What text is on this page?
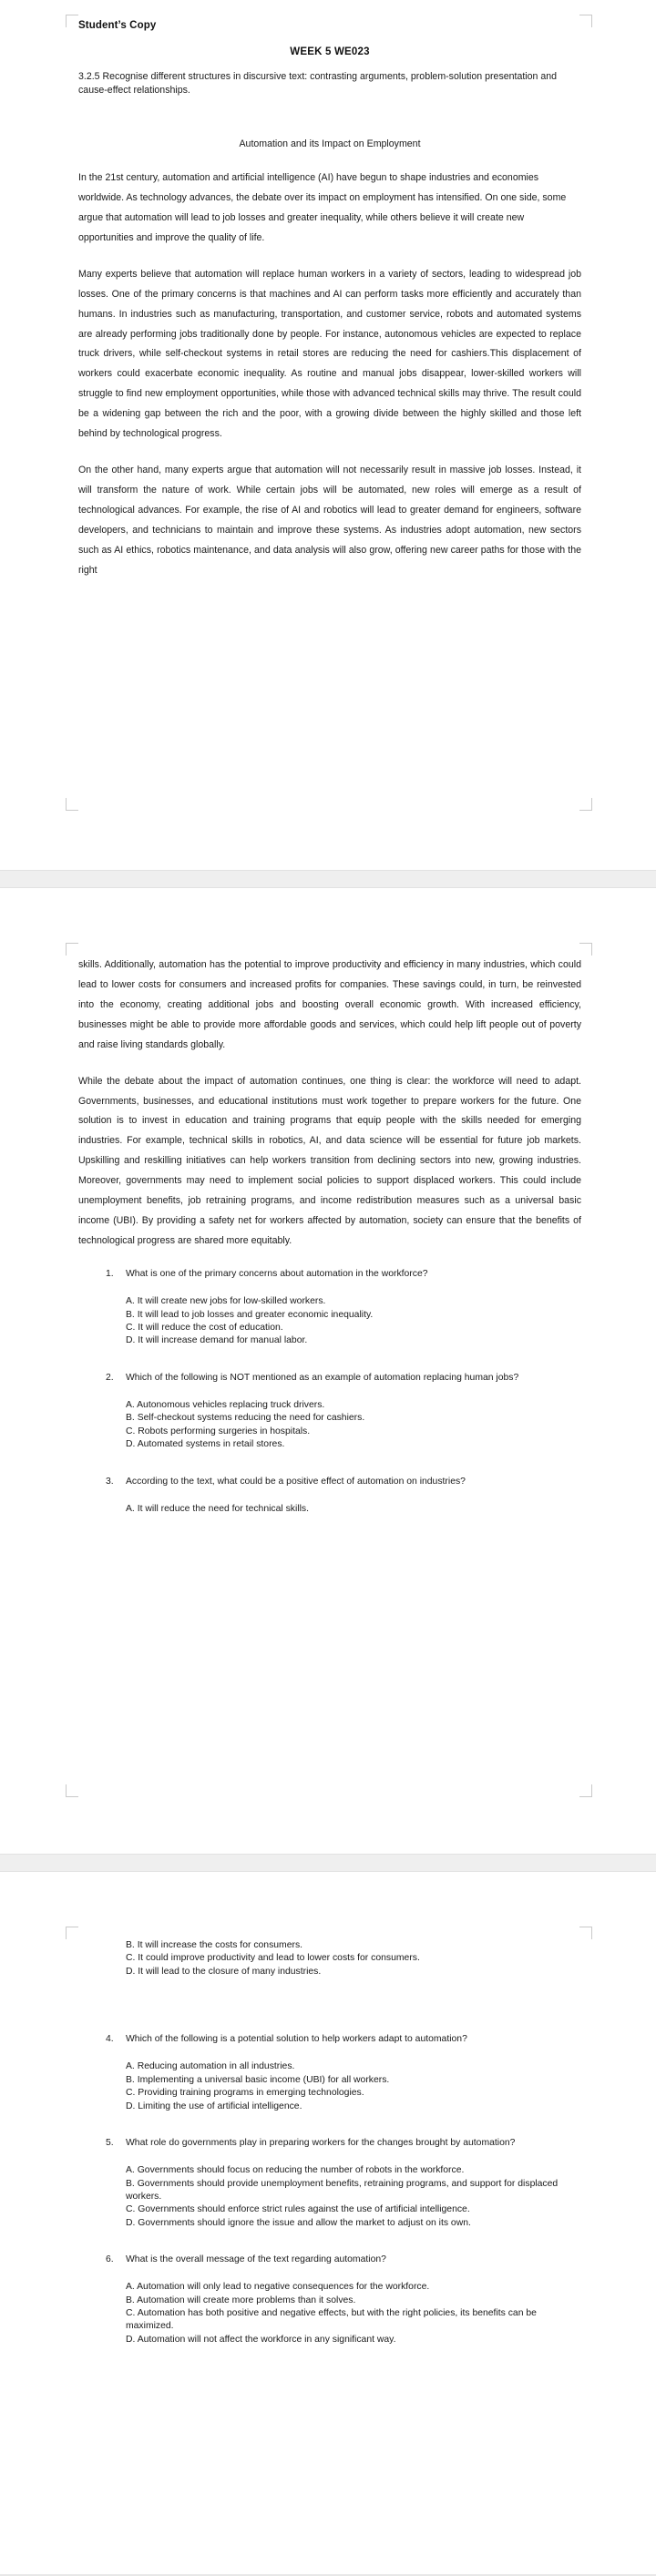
Student’s Copy
WEEK 5 WE023
3.2.5 Recognise different structures in discursive text: contrasting arguments, problem-solution presentation and cause-effect relationships.
Automation and its Impact on Employment

In the 21st century, automation and artificial intelligence (AI) have begun to shape industries and economies worldwide. As technology advances, the debate over its impact on employment has intensified. On one side, some argue that automation will lead to job losses and greater inequality, while others believe it will create new opportunities and improve the quality of life.

Many experts believe that automation will replace human workers in a variety of sectors, leading to widespread job losses. One of the primary concerns is that machines and AI can perform tasks more efficiently and accurately than humans. In industries such as manufacturing, transportation, and customer service, robots and automated systems are already performing jobs traditionally done by people. For instance, autonomous vehicles are expected to replace truck drivers, while self-checkout systems in retail stores are reducing the need for cashiers.This displacement of workers could exacerbate economic inequality. As routine and manual jobs disappear, lower-skilled workers will struggle to find new employment opportunities, while those with advanced technical skills may thrive. The result could be a widening gap between the rich and the poor, with a growing divide between the highly skilled and those left behind by technological progress.

On the other hand, many experts argue that automation will not necessarily result in massive job losses. Instead, it will transform the nature of work. While certain jobs will be automated, new roles will emerge as a result of technological advances. For example, the rise of AI and robotics will lead to greater demand for engineers, software developers, and technicians to maintain and improve these systems. As industries adopt automation, new sectors such as AI ethics, robotics maintenance, and data analysis will also grow, offering new career paths for those with the right

skills. Additionally, automation has the potential to improve productivity and efficiency in many industries, which could lead to lower costs for consumers and increased profits for companies. These savings could, in turn, be reinvested into the economy, creating additional jobs and boosting overall economic growth. With increased efficiency, businesses might be able to provide more affordable goods and services, which could help lift people out of poverty and raise living standards globally.

While the debate about the impact of automation continues, one thing is clear: the workforce will need to adapt. Governments, businesses, and educational institutions must work together to prepare workers for the future. One solution is to invest in education and training programs that equip people with the skills needed for emerging industries. For example, technical skills in robotics, AI, and data science will be essential for future job markets. Upskilling and reskilling initiatives can help workers transition from declining sectors into new, growing industries. Moreover, governments may need to implement social policies to support displaced workers. This could include unemployment benefits, job retraining programs, and income redistribution measures such as a universal basic income (UBI). By providing a safety net for workers affected by automation, society can ensure that the benefits of technological progress are shared more equitably.

What is one of the primary concerns about automation in the workforce?
A. It will create new jobs for low-skilled workers.
B. It will lead to job losses and greater economic inequality.
C. It will reduce the cost of education.
D. It will increase demand for manual labor.
Which of the following is NOT mentioned as an example of automation replacing human jobs?
A. Autonomous vehicles replacing truck drivers.
B. Self-checkout systems reducing the need for cashiers.
C. Robots performing surgeries in hospitals.
D. Automated systems in retail stores.
According to the text, what could be a positive effect of automation on industries?
A. It will reduce the need for technical skills.
B. It will increase the costs for consumers.
C. It could improve productivity and lead to lower costs for consumers.
D. It will lead to the closure of many industries.
Which of the following is a potential solution to help workers adapt to automation?
A. Reducing automation in all industries.
B. Implementing a universal basic income (UBI) for all workers.
C. Providing training programs in emerging technologies.
D. Limiting the use of artificial intelligence.
What role do governments play in preparing workers for the changes brought by automation?
A. Governments should focus on reducing the number of robots in the workforce.
B. Governments should provide unemployment benefits, retraining programs, and support for displaced workers.
C. Governments should enforce strict rules against the use of artificial intelligence.
D. Governments should ignore the issue and allow the market to adjust on its own.
What is the overall message of the text regarding automation?
A. Automation will only lead to negative consequences for the workforce.
B. Automation will create more problems than it solves.
C. Automation has both positive and negative effects, but with the right policies, its benefits can be maximized.
D. Automation will not affect the workforce in any significant way.
